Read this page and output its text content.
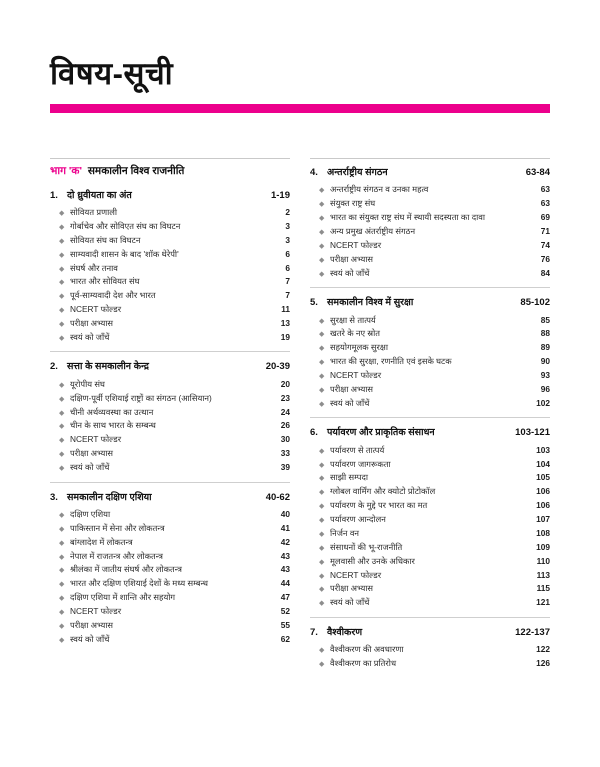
विषय-सूची
भाग 'क'  समकालीन विश्व राजनीति
1. दो ध्रुवीयता का अंत	1-19
◆ सोवियत प्रणाली	2
◆ गोर्बाचेव और सोविएत संघ का विघटन	3
◆ सोवियत संघ का विघटन	3
◆ साम्यवादी शासन के बाद 'शॉक थेरेपी'	6
◆ संघर्ष और तनाव	6
◆ भारत और सोवियत संघ	7
◆ पूर्व-साम्यवादी देश और भारत	7
◆ NCERT फोल्डर	11
◆ परीक्षा अभ्यास	13
◆ स्वयं को जाँचें	19
2. सत्ता के समकालीन केन्द्र	20-39
◆ यूरोपीय संघ	20
◆ दक्षिण-पूर्वी एशियाई राष्ट्रों का संगठन (आसियान)	23
◆ चीनी अर्थव्यवस्था का उत्थान	24
◆ चीन के साथ भारत के सम्बन्ध	26
◆ NCERT फोल्डर	30
◆ परीक्षा अभ्यास	33
◆ स्वयं को जाँचें	39
3. समकालीन दक्षिण एशिया	40-62
◆ दक्षिण एशिया	40
◆ पाकिस्तान में सेना और लोकतन्त्र	41
◆ बांग्लादेश में लोकतन्त्र	42
◆ नेपाल में राजतन्त्र और लोकतन्त्र	43
◆ श्रीलंका में जातीय संघर्ष और लोकतन्त्र	43
◆ भारत और दक्षिण एशियाई देशों के मध्य सम्बन्ध	44
◆ दक्षिण एशिया में शान्ति और सहयोग	47
◆ NCERT फोल्डर	52
◆ परीक्षा अभ्यास	55
◆ स्वयं को जाँचें	62
4. अन्तर्राष्ट्रीय संगठन	63-84
◆ अन्तर्राष्ट्रीय संगठन व उनका महत्व	63
◆ संयुक्त राष्ट्र संघ	63
◆ भारत का संयुक्त राष्ट्र संघ में स्थायी सदस्यता का दावा	69
◆ अन्य प्रमुख अंतर्राष्ट्रीय संगठन	71
◆ NCERT फोल्डर	74
◆ परीक्षा अभ्यास	76
◆ स्वयं को जाँचें	84
5. समकालीन विश्व में सुरक्षा	85-102
◆ सुरक्षा से तात्पर्य	85
◆ खतरे के नए स्रोत	88
◆ सहयोगमूलक सुरक्षा	89
◆ भारत की सुरक्षा, रणनीति एवं इसके घटक	90
◆ NCERT फोल्डर	93
◆ परीक्षा अभ्यास	96
◆ स्वयं को जाँचें	102
6. पर्यावरण और प्राकृतिक संसाधन	103-121
◆ पर्यावरण से तात्पर्य	103
◆ पर्यावरण जागरूकता	104
◆ साझी सम्पदा	105
◆ ग्लोबल वार्मिंग और क्योटो प्रोटोकॉल	106
◆ पर्यावरण के मुद्दे पर भारत का मत	106
◆ पर्यावरण आन्दोलन	107
◆ निर्जन वन	108
◆ संसाधनों की भू-राजनीति	109
◆ मूलवासी और उनके अधिकार	110
◆ NCERT फोल्डर	113
◆ परीक्षा अभ्यास	115
◆ स्वयं को जाँचें	121
7. वैश्वीकरण	122-137
◆ वैश्वीकरण की अवधारणा	122
◆ वैश्वीकरण का प्रतिरोध	126
